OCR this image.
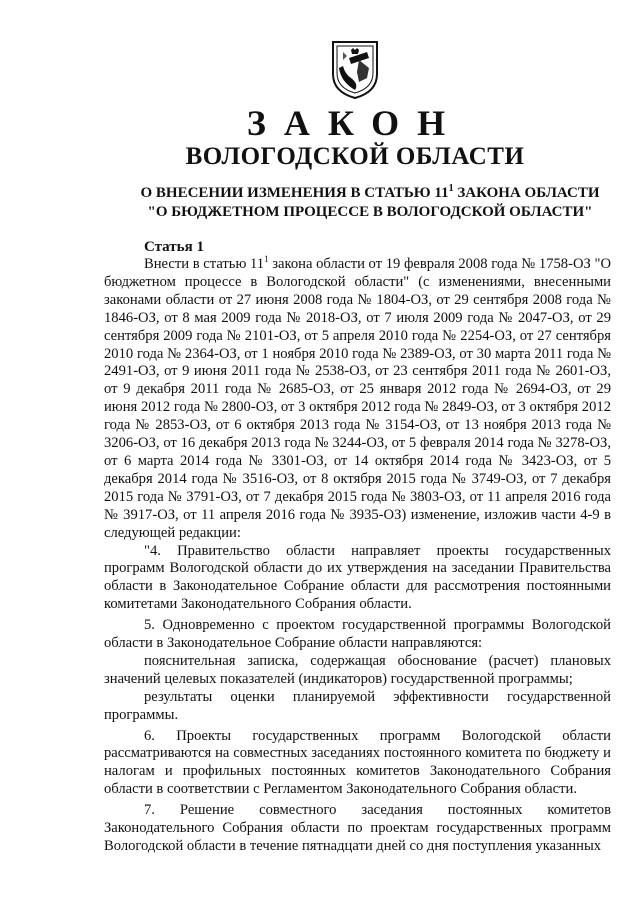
ЗАКОН
ВОЛОГОДСКОЙ ОБЛАСТИ
О ВНЕСЕНИИ ИЗМЕНЕНИЯ В СТАТЬЮ $11^1$ ЗАКОНА ОБЛАСТИ
"О БЮДЖЕТНОМ ПРОЦЕССЕ В ВОЛОГОДСКОЙ ОБЛАСТИ"
Статья 1

Внести в статью $11^1$ закона области от 19 февраля 2008 года № 1758-ОЗ "О бюджетном процессе в Вологодской области" (с изменениями, внесенными законами области от 27 июня 2008 года № 1804-ОЗ, от 29 сентября 2008 года № 1846-ОЗ, от 8 мая 2009 года № 2018-ОЗ, от 7 июля 2009 года № 2047-ОЗ, от 29 сентября 2009 года № 2101-ОЗ, от 5 апреля 2010 года № 2254-ОЗ, от 27 сентября 2010 года № 2364-ОЗ, от 1 ноября 2010 года № 2389-ОЗ, от 30 марта 2011 года № 2491-ОЗ, от 9 июня 2011 года № 2538-ОЗ, от 23 сентября 2011 года № 2601-ОЗ, от 9 декабря 2011 года № 2685-ОЗ, от 25 января 2012 года № 2694-ОЗ, от 29 июня 2012 года № 2800-ОЗ, от 3 октября 2012 года № 2849-ОЗ, от 3 октября 2012 года № 2853-ОЗ, от 6 октября 2013 года № 3154-ОЗ, от 13 ноября 2013 года № 3206-ОЗ, от 16 декабря 2013 года № 3244-ОЗ, от 5 февраля 2014 года № 3278-ОЗ, от 6 марта 2014 года № 3301-ОЗ, от 14 октября 2014 года № 3423-ОЗ, от 5 декабря 2014 года № 3516-ОЗ, от 8 октября 2015 года № 3749-ОЗ, от 7 декабря 2015 года № 3791-ОЗ, от 7 декабря 2015 года № 3803-ОЗ, от 11 апреля 2016 года № 3917-ОЗ, от 11 апреля 2016 года № 3935-ОЗ) изменение, изложив части 4-9 в следующей редакции:

"4. Правительство области направляет проекты государственных программ Вологодской области до их утверждения на заседании Правительства области в Законодательное Собрание области для рассмотрения постоянными комитетами Законодательного Собрания области.

5. Одновременно с проектом государственной программы Вологодской области в Законодательное Собрание области направляются:

пояснительная записка, содержащая обоснование (расчет) плановых значений целевых показателей (индикаторов) государственной программы;

результаты оценки планируемой эффективности государственной программы.

6. Проекты государственных программ Вологодской области рассматриваются на совместных заседаниях постоянного комитета по бюджету и налогам и профильных постоянных комитетов Законодательного Собрания области в соответствии с Регламентом Законодательного Собрания области.

7. Решение совместного заседания постоянных комитетов Законодательного Собрания области по проектам государственных программ Вологодской области в течение пятнадцати дней со дня поступления указанных
